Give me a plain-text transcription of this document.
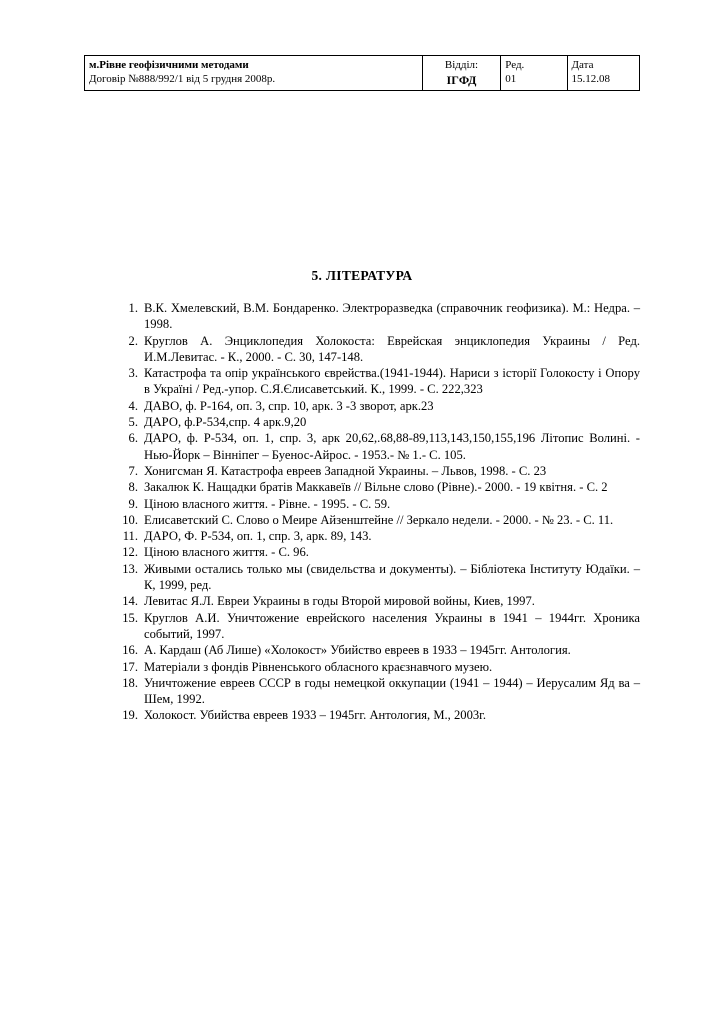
м.Рівне геофізичними методами
Договір №888/992/1 від 5 грудня 2008р.

Відділ:
ІГФД

Ред.
01

Дата
15.12.08
5. ЛІТЕРАТУРА
1. В.К. Хмелевский, В.М. Бондаренко. Электроразведка (справочник геофизика). М.: Недра. – 1998.
2. Круглов А. Энциклопедия Холокоста: Еврейская энциклопедия Украины / Ред. И.М.Левитас. - К., 2000. - С. 30, 147-148.
3. Катастрофа та опір українського єврейства.(1941-1944). Нариси з історії Голокосту і Опору в Україні / Ред.-упор. С.Я.Єлисаветський. К., 1999. - С. 222,323
4. ДАВО, ф. Р-164, оп. 3, спр. 10, арк. 3 -3 зворот, арк.23
5. ДАРО, ф.Р-534,спр. 4 арк.9,20
6. ДАРО, ф. Р-534, оп. 1, спр. 3, арк 20,62,.68,88-89,113,143,150,155,196 Літопис Волині. - Нью-Йорк – Вінніпег – Буенос-Айрос. - 1953.- № 1.- С. 105.
7. Хонигсман Я. Катастрофа евреев Западной Украины. – Львов, 1998. - С. 23
8. Закалюк К. Нащадки братів Маккавеїв // Вільне слово (Рівне).- 2000. - 19 квітня. - С. 2
9. Ціною власного життя. - Рівне. - 1995. - С. 59.
10. Елисаветский С. Слово о Меире Айзенштейне // Зеркало недели. - 2000. - № 23. - С. 11.
11. ДАРО, Ф. Р-534, оп. 1, спр. 3, арк. 89, 143.
12. Ціною власного життя. - С. 96.
13. Живыми остались только мы (свидельства и документы). – Бібліотека Інституту Юдаїки. – К, 1999, ред.
14. Левитас Я.Л. Евреи Украины в годы Второй мировой войны, Киев, 1997.
15. Круглов А.И. Уничтожение еврейского населения Украины в 1941 – 1944гг. Хроника событий, 1997.
16. А. Кардаш (Аб Лише) «Холокост» Убийство евреев в 1933 – 1945гг. Антология.
17. Матеріали з фондів Рівненського обласного краєзнавчого музею.
18. Уничтожение евреев СССР в годы немецкой оккупации (1941 – 1944) – Иерусалим Яд ва – Шем, 1992.
19. Холокост. Убийства евреев 1933 – 1945гг. Антология, М., 2003г.
